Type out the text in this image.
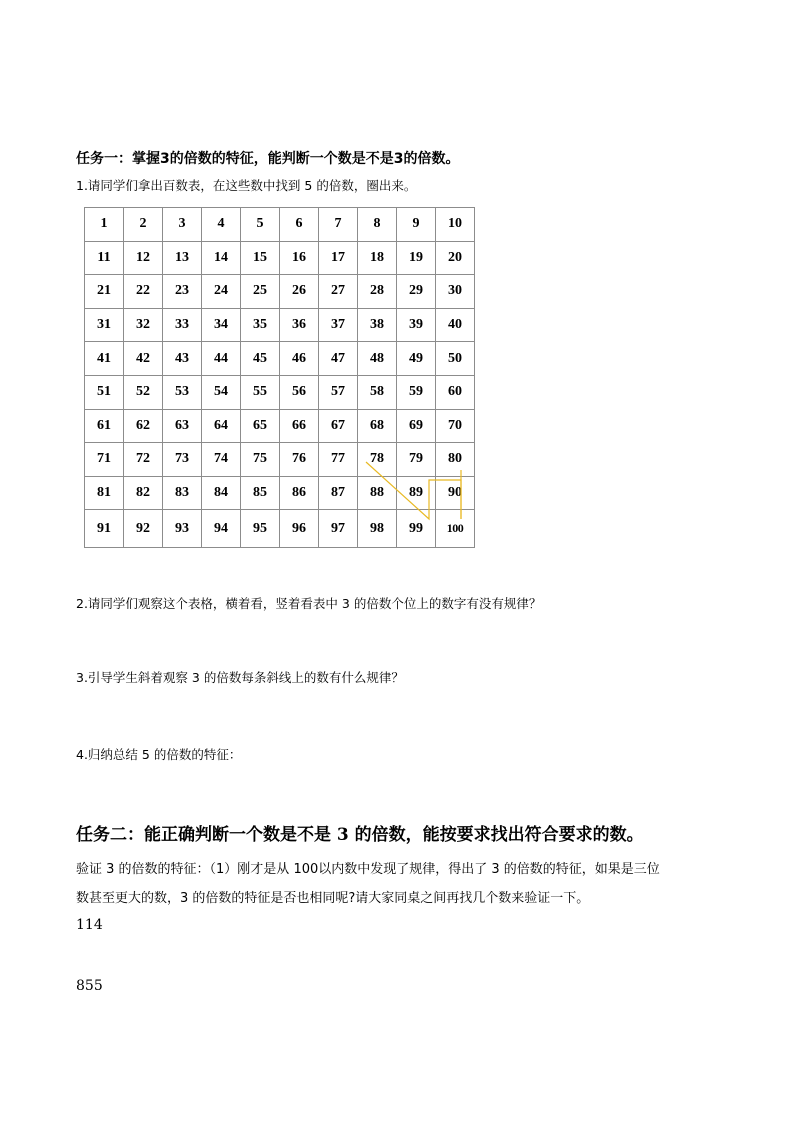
任务一：掌握3的倍数的特征，能判断一个数是不是3的倍数。
1.请同学们拿出百数表，在这些数中找到 5 的倍数，圈出来。
1	2	3	4	5	6	7	8	9	10
11	12	13	14	15	16	17	18	19	20
21	22	23	24	25	26	27	28	29	30
31	32	33	34	35	36	37	38	39	40
41	42	43	44	45	46	47	48	49	50
51	52	53	54	55	56	57	58	59	60
61	62	63	64	65	66	67	68	69	70
71	72	73	74	75	76	77	78	79	80
81	82	83	84	85	86	87	88	89	90
91	92	93	94	95	96	97	98	99	100
2.请同学们观察这个表格，横着看，竖着看表中 3 的倍数个位上的数字有没有规律？
3.引导学生斜着观察 3 的倍数每条斜线上的数有什么规律？
4.归纳总结 5 的倍数的特征：
任务二：能正确判断一个数是不是 3 的倍数，能按要求找出符合要求的数。
验证 3 的倍数的特征：（1）刚才是从 100以内数中发现了规律，得出了 3 的倍数的特征，如果是三位
数甚至更大的数，3 的倍数的特征是否也相同呢?请大家同桌之间再找几个数来验证一下。
114
855
